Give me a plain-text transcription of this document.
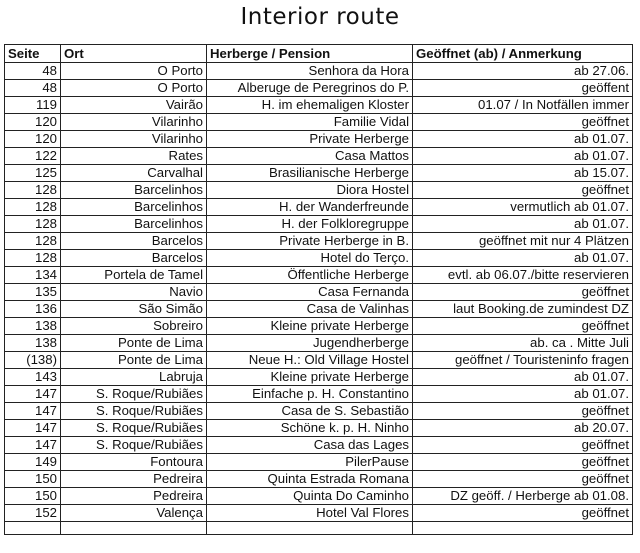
Interior route
Seite	Ort	Herberge / Pension	Geöffnet (ab) / Anmerkung
48	O Porto	Senhora da Hora	ab 27.06.
48	O Porto	Alberuge de Peregrinos do P.	geöffent
119	Vairão	H. im ehemaligen Kloster	01.07 / In Notfällen immer
120	Vilarinho	Familie Vidal	geöffnet
120	Vilarinho	Private Herberge	ab 01.07.
122	Rates	Casa Mattos	ab 01.07.
125	Carvalhal	Brasilianische Herberge	ab 15.07.
128	Barcelinhos	Diora Hostel	geöffnet
128	Barcelinhos	H. der Wanderfreunde	vermutlich ab 01.07.
128	Barcelinhos	H. der Folkloregruppe	ab 01.07.
128	Barcelos	Private Herberge in B.	geöffnet mit nur 4 Plätzen
128	Barcelos	Hotel do Terço.	ab 01.07.
134	Portela de Tamel	Öffentliche Herberge	evtl. ab 06.07./bitte reservieren
135	Navio	Casa Fernanda	geöffnet
136	São Simão	Casa de Valinhas	laut Booking.de zumindest DZ
138	Sobreiro	Kleine private Herberge	geöffnet
138	Ponte de Lima	Jugendherberge	ab. ca . Mitte Juli
(138)	Ponte de Lima	Neue H.: Old Village Hostel	geöffnet / Touristeninfo fragen
143	Labruja	Kleine private Herberge	ab 01.07.
147	S. Roque/Rubiães	Einfache p. H. Constantino	ab 01.07.
147	S. Roque/Rubiães	Casa de S. Sebastião	geöffnet
147	S. Roque/Rubiães	Schöne k. p. H. Ninho	ab 20.07.
147	S. Roque/Rubiães	Casa das Lages	geöffnet
149	Fontoura	PilerPause	geöffnet
150	Pedreira	Quinta Estrada Romana	geöffnet
150	Pedreira	Quinta Do Caminho	DZ geöff. / Herberge ab 01.08.
152	Valença	Hotel Val Flores	geöffnet
